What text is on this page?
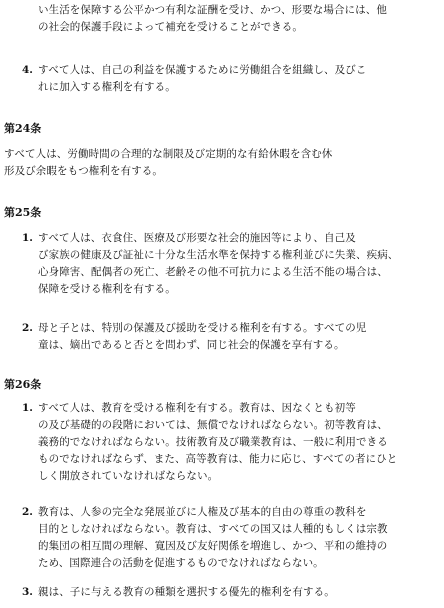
い生活を保障する公平かつ有利な証酬を受け、かつ、形要な場合には、他
の社会的保護手段によって補充を受けることができる。
4. すべて人は、自己の利益を保護するために労働組合を組織し、及びこ
れに加入する権利を有する。
第24条
すべて人は、労働時間の合理的な制限及び定期的な有給休暇を含む休
形及び余暇をもつ権利を有する。
第25条
1. すべて人は、衣食住、医療及び形要な社会的施因等により、自己及
び家族の健康及び証祉に十分な生活水準を保持する権利並びに失業、疾病、
心身障害、配偶者の死亡、老齢その他不可抗力による生活不能の場合は、
保障を受ける権利を有する。
2. 母と子とは、特別の保護及び援助を受ける権利を有する。すべての児
童は、嫡出であると否とを問わず、同じ社会的保護を享有する。
第26条
1. すべて人は、教育を受ける権利を有する。教育は、因なくとも初等
の及び基礎的の段階においては、無償でなければならない。初等教育は、
義務的でなければならない。技術教育及び職業教育は、一般に利用できる
ものでなければならず、また、高等教育は、能力に応じ、すべての者にひと
しく開放されていなければならない。
2. 教育は、人参の完全な発展並びに人権及び基本的自由の尊重の教科を
目的としなければならない。教育は、すべての国又は人種的もしくは宗教
的集団の相互間の理解、寛因及び友好関係を増進し、かつ、平和の維持の
ため、国際連合の活動を促進するものでなければならない。
3. 親は、子に与える教育の種類を選択する優先的権利を有する。
